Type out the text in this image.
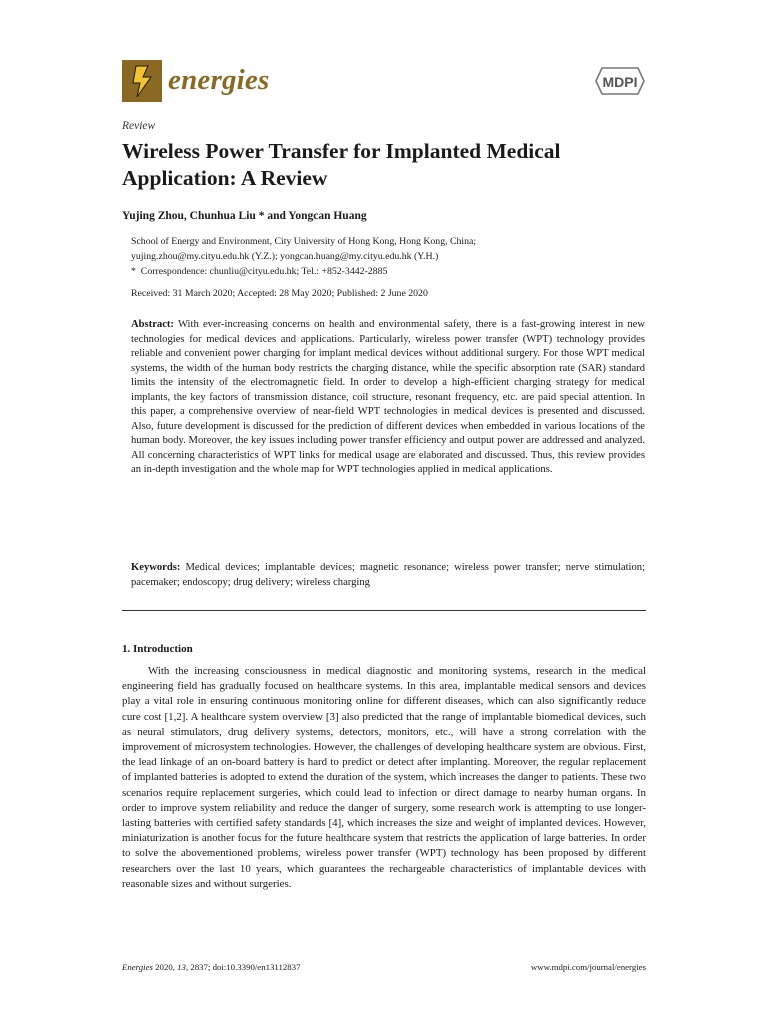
energies	MDPI
Review
Wireless Power Transfer for Implanted Medical Application: A Review
Yujing Zhou, Chunhua Liu * and Yongcan Huang
School of Energy and Environment, City University of Hong Kong, Hong Kong, China;
yujing.zhou@my.cityu.edu.hk (Y.Z.); yongcan.huang@my.cityu.edu.hk (Y.H.)
*  Correspondence: chunliu@cityu.edu.hk; Tel.: +852-3442-2885
Received: 31 March 2020; Accepted: 28 May 2020; Published: 2 June 2020

Abstract: With ever-increasing concerns on health and environmental safety, there is a fast-growing interest in new technologies for medical devices and applications. Particularly, wireless power transfer (WPT) technology provides reliable and convenient power charging for implant medical devices without additional surgery. For those WPT medical systems, the width of the human body restricts the charging distance, while the specific absorption rate (SAR) standard limits the intensity of the electromagnetic field. In order to develop a high-efficient charging strategy for medical implants, the key factors of transmission distance, coil structure, resonant frequency, etc. are paid special attention. In this paper, a comprehensive overview of near-field WPT technologies in medical devices is presented and discussed. Also, future development is discussed for the prediction of different devices when embedded in various locations of the human body. Moreover, the key issues including power transfer efficiency and output power are addressed and analyzed. All concerning characteristics of WPT links for medical usage are elaborated and discussed. Thus, this review provides an in-depth investigation and the whole map for WPT technologies applied in medical applications.

Keywords: Medical devices; implantable devices; magnetic resonance; wireless power transfer; nerve stimulation; pacemaker; endoscopy; drug delivery; wireless charging

1. Introduction

With the increasing consciousness in medical diagnostic and monitoring systems, research in the medical engineering field has gradually focused on healthcare systems. In this area, implantable medical sensors and devices play a vital role in ensuring continuous monitoring online for different diseases, which can also significantly reduce cure cost [1,2]. A healthcare system overview [3] also predicted that the range of implantable biomedical devices, such as neural stimulators, drug delivery systems, detectors, monitors, etc., will have a strong correlation with the improvement of microsystem technologies. However, the challenges of developing healthcare system are obvious. First, the lead linkage of an on-board battery is hard to predict or detect after implanting. Moreover, the regular replacement of implanted batteries is adopted to extend the duration of the system, which increases the danger to patients. These two scenarios require replacement surgeries, which could lead to infection or direct damage to nearby human organs. In order to improve system reliability and reduce the danger of surgery, some research work is attempting to use longer-lasting batteries with certified safety standards [4], which increases the size and weight of implanted devices. However, miniaturization is another focus for the future healthcare system that restricts the application of large batteries. In order to solve the abovementioned problems, wireless power transfer (WPT) technology has been proposed by different researchers over the last 10 years, which guarantees the rechargeable characteristics of implantable devices with reasonable sizes and without surgeries.

Energies 2020, 13, 2837; doi:10.3390/en13112837	www.mdpi.com/journal/energies
